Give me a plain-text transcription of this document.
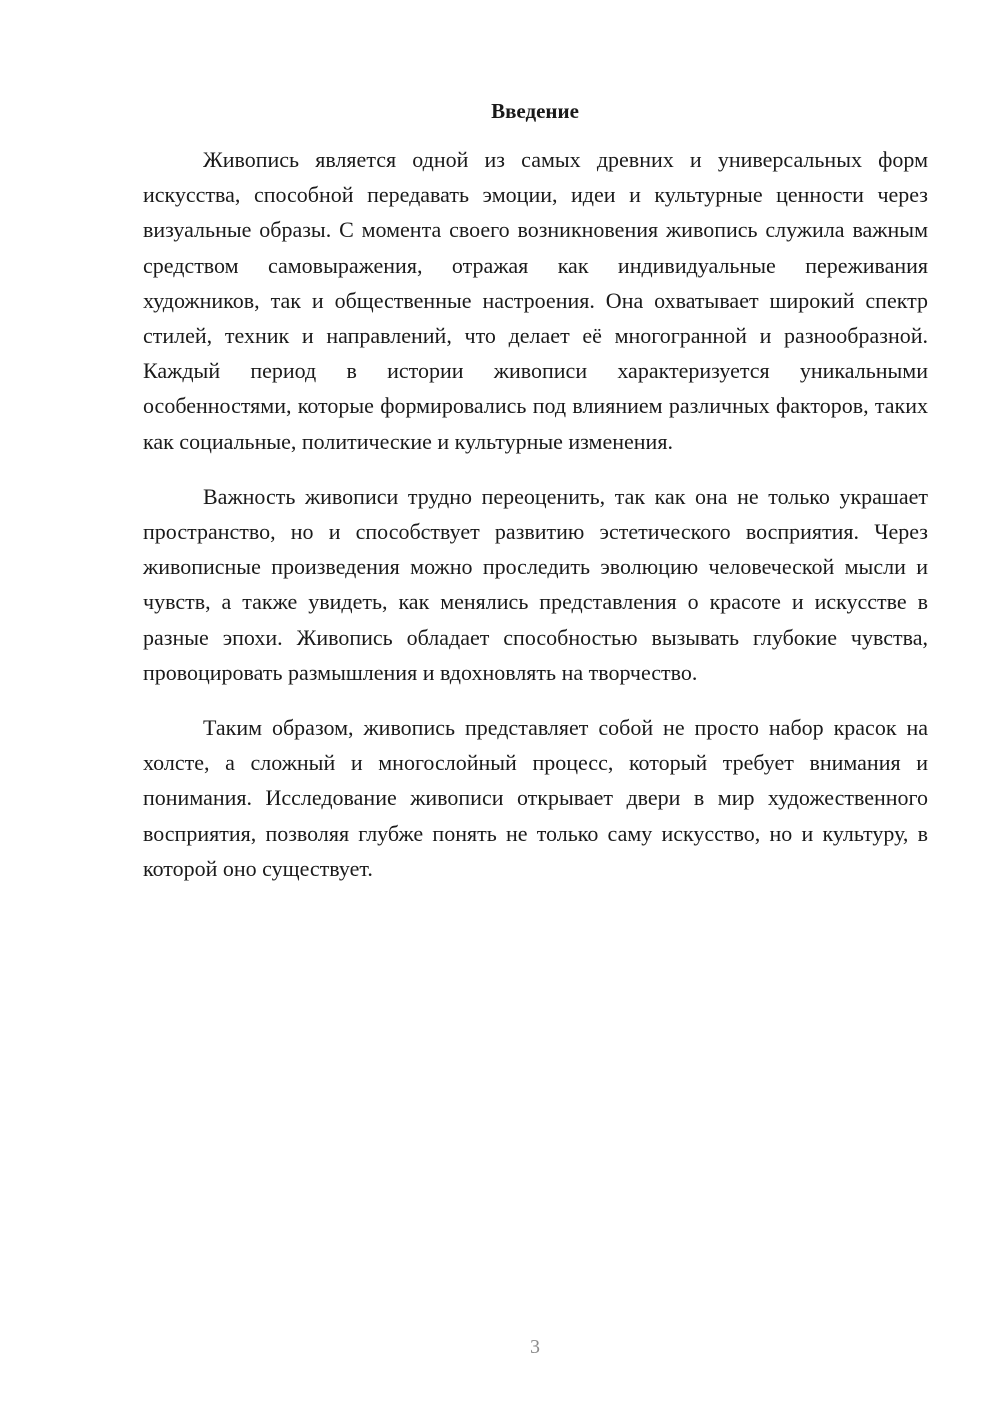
Введение

Живопись является одной из самых древних и универсальных форм искусства, способной передавать эмоции, идеи и культурные ценности через визуальные образы. С момента своего возникновения живопись служила важным средством самовыражения, отражая как индивидуальные переживания художников, так и общественные настроения. Она охватывает широкий спектр стилей, техник и направлений, что делает её многогранной и разнообразной. Каждый период в истории живописи характеризуется уникальными особенностями, которые формировались под влиянием различных факторов, таких как социальные, политические и культурные изменения.

Важность живописи трудно переоценить, так как она не только украшает пространство, но и способствует развитию эстетического восприятия. Через живописные произведения можно проследить эволюцию человеческой мысли и чувств, а также увидеть, как менялись представления о красоте и искусстве в разные эпохи. Живопись обладает способностью вызывать глубокие чувства, провоцировать размышления и вдохновлять на творчество.

Таким образом, живопись представляет собой не просто набор красок на холсте, а сложный и многослойный процесс, который требует внимания и понимания. Исследование живописи открывает двери в мир художественного восприятия, позволяя глубже понять не только саму искусство, но и культуру, в которой оно существует.

3
